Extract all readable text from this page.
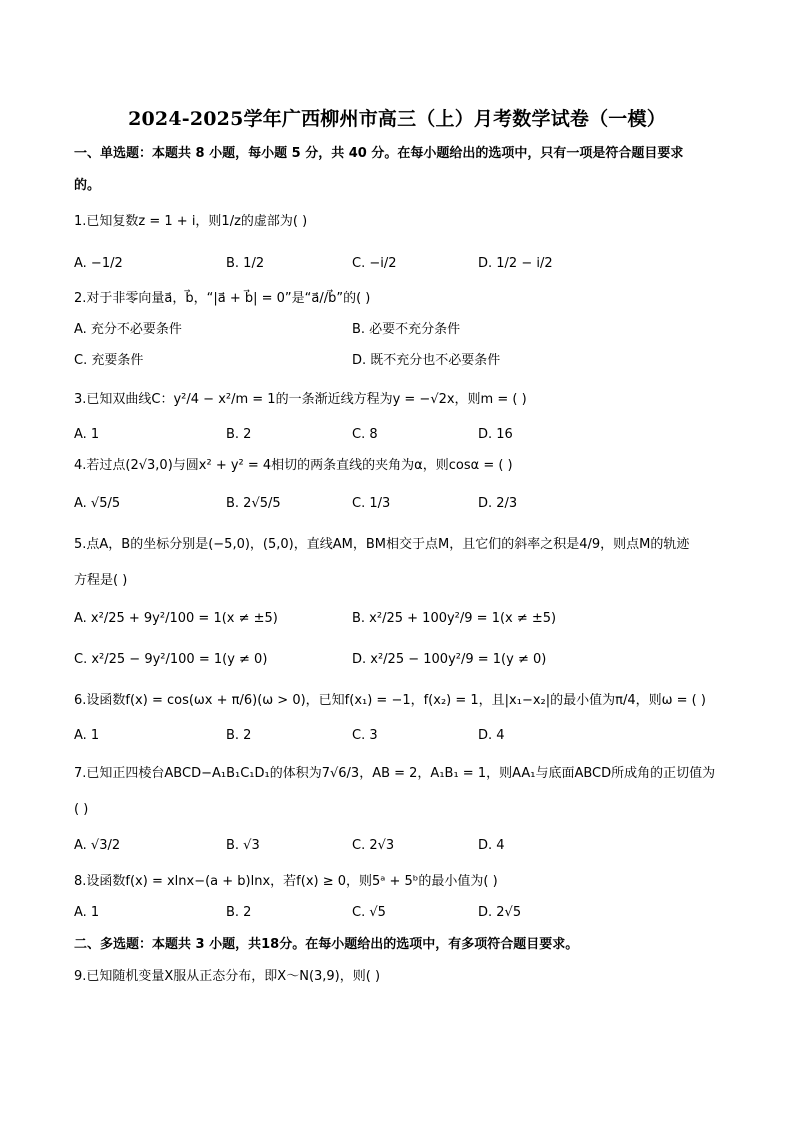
2024-2025学年广西柳州市高三（上）月考数学试卷（一模）
一、单选题：本题共 8 小题，每小题 5 分，共 40 分。在每小题给出的选项中，只有一项是符合题目要求
的。
1.已知复数z = 1 + i，则1/z的虚部为( )
A. −1/2	B. 1/2	C. −i/2	D. 1/2 − i/2
2.对于非零向量a⃗，b⃗，“|a⃗ + b⃗| = 0”是“a⃗//b⃗”的( )
A. 充分不必要条件	B. 必要不充分条件
C. 充要条件	D. 既不充分也不必要条件
3.已知双曲线C：y²/4 − x²/m = 1的一条渐近线方程为y = −√2x，则m = ( )
A. 1	B. 2	C. 8	D. 16
4.若过点(2√3,0)与圆x² + y² = 4相切的两条直线的夹角为α，则cosα = ( )
A. √5/5	B. 2√5/5	C. 1/3	D. 2/3
5.点A，B的坐标分别是(−5,0)，(5,0)，直线AM，BM相交于点M，且它们的斜率之积是4/9，则点M的轨迹
方程是( )
A. x²/25 + 9y²/100 = 1(x ≠ ±5)	B. x²/25 + 100y²/9 = 1(x ≠ ±5)
C. x²/25 − 9y²/100 = 1(y ≠ 0)	D. x²/25 − 100y²/9 = 1(y ≠ 0)
6.设函数f(x) = cos(ωx + π/6)(ω > 0)，已知f(x₁) = −1，f(x₂) = 1，且|x₁−x₂|的最小值为π/4，则ω = ( )
A. 1	B. 2	C. 3	D. 4
7.已知正四棱台ABCD−A₁B₁C₁D₁的体积为7√6/3，AB = 2，A₁B₁ = 1，则AA₁与底面ABCD所成角的正切值为
( )
A. √3/2	B. √3	C. 2√3	D. 4
8.设函数f(x) = xlnx−(a + b)lnx，若f(x) ≥ 0，则5ᵃ + 5ᵇ的最小值为( )
A. 1	B. 2	C. √5	D. 2√5
二、多选题：本题共 3 小题，共18分。在每小题给出的选项中，有多项符合题目要求。
9.已知随机变量X服从正态分布，即X～N(3,9)，则( )
